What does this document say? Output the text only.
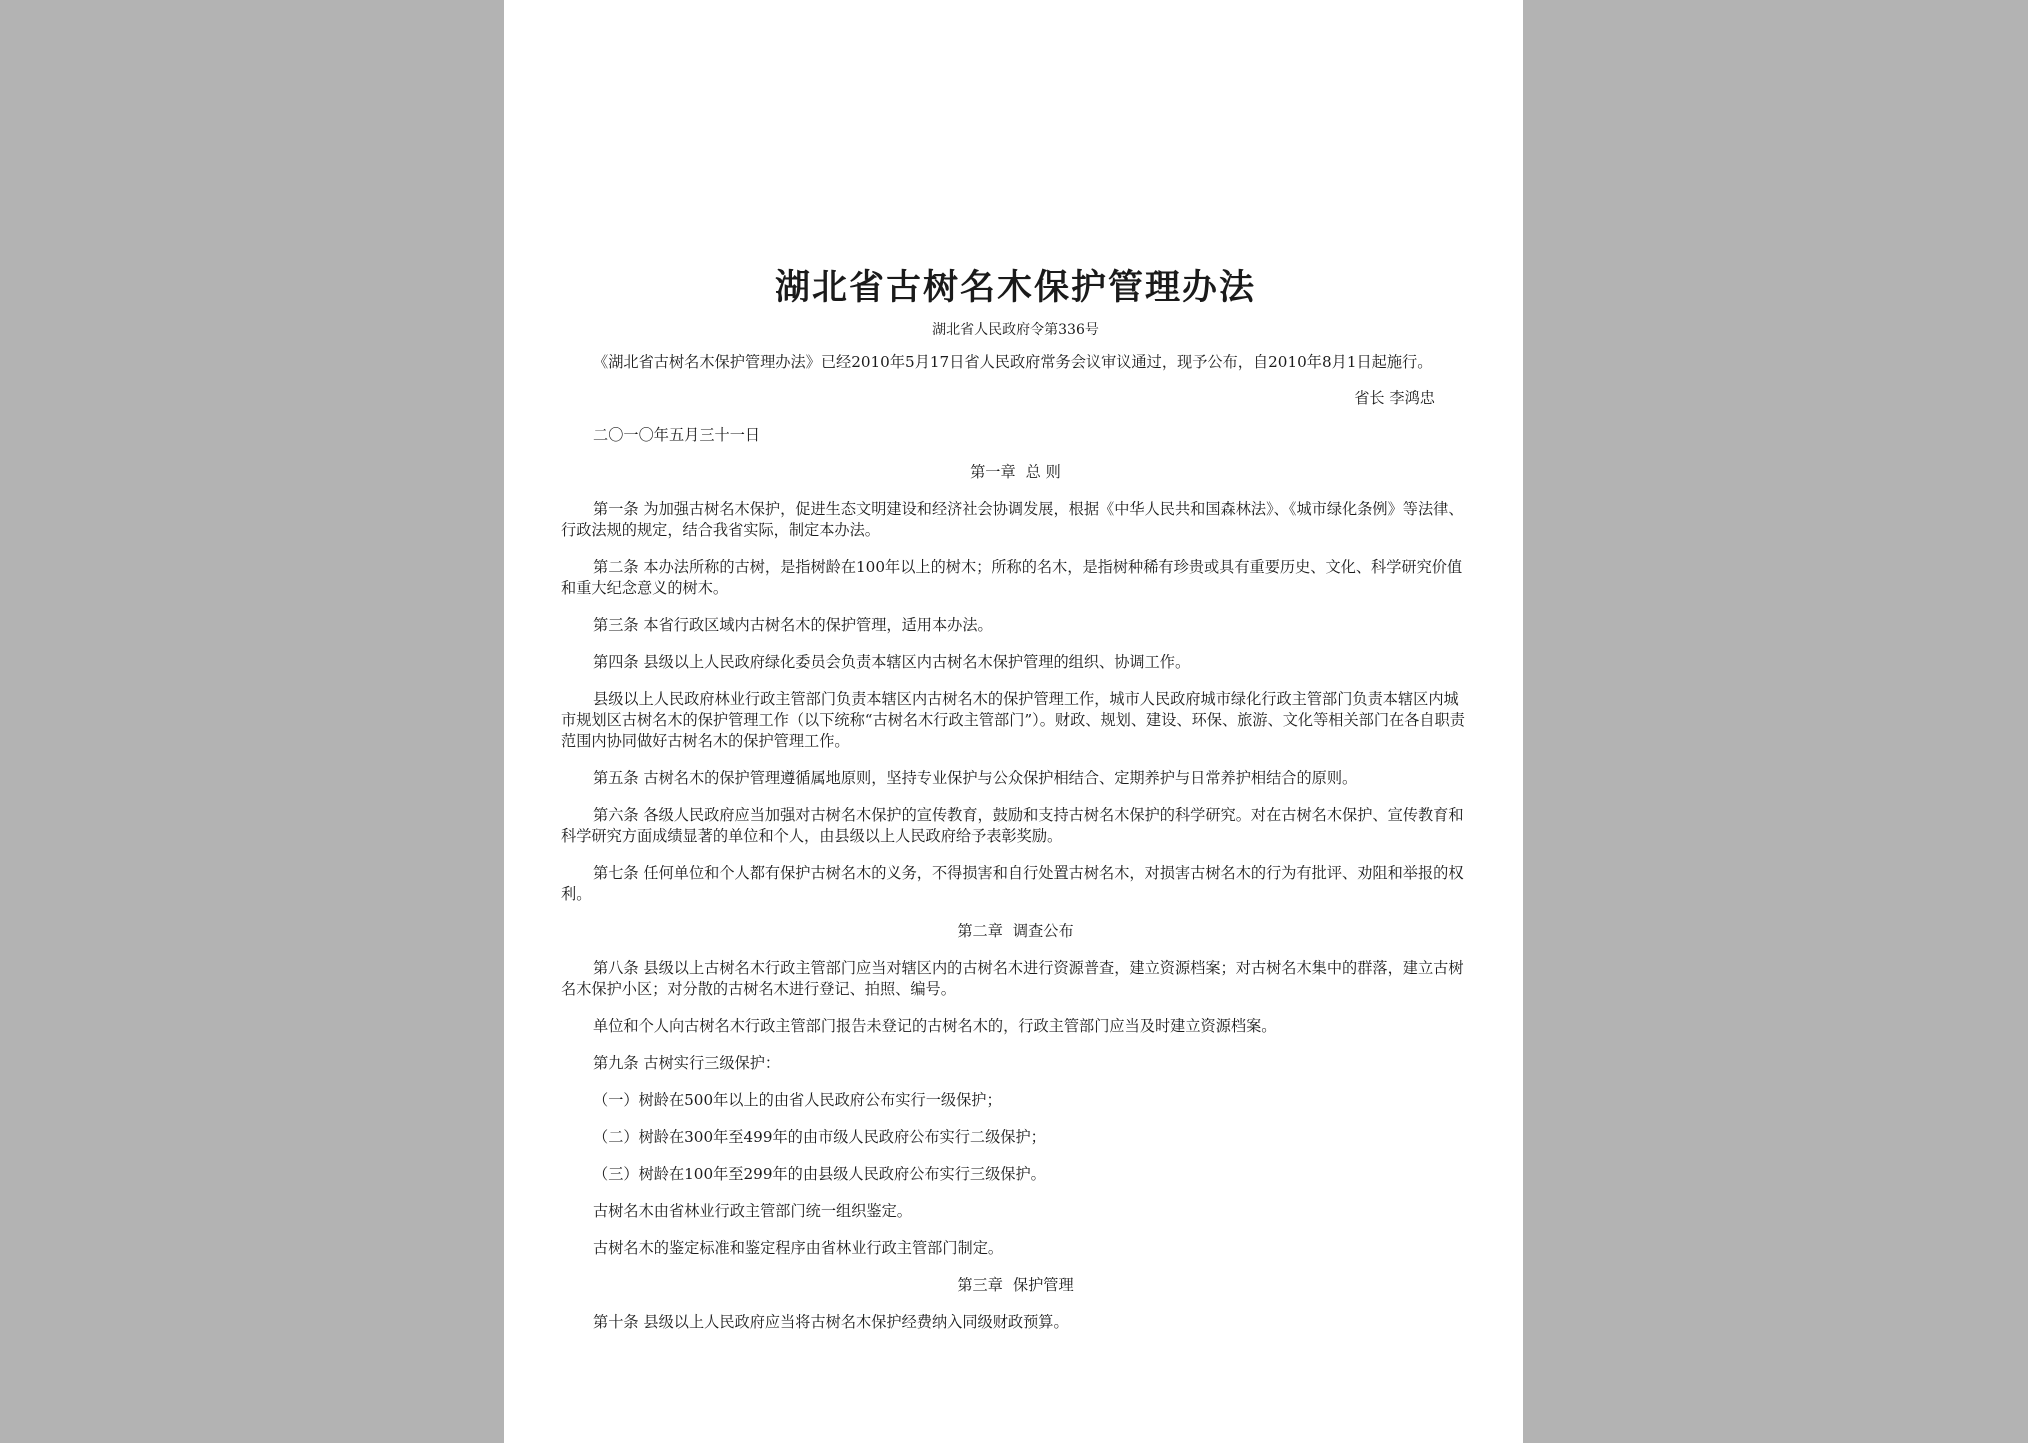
湖北省古树名木保护管理办法
湖北省人民政府令第336号

《湖北省古树名木保护管理办法》已经2010年5月17日省人民政府常务会议审议通过，现予公布，自2010年8月1日起施行。

省长 李鸿忠

二〇一〇年五月三十一日

第一章 总 则

第一条 为加强古树名木保护，促进生态文明建设和经济社会协调发展，根据《中华人民共和国森林法》、《城市绿化条例》等法律、行政法规的规定，结合我省实际，制定本办法。

第二条 本办法所称的古树，是指树龄在100年以上的树木；所称的名木，是指树种稀有珍贵或具有重要历史、文化、科学研究价值和重大纪念意义的树木。

第三条 本省行政区域内古树名木的保护管理，适用本办法。

第四条 县级以上人民政府绿化委员会负责本辖区内古树名木保护管理的组织、协调工作。

县级以上人民政府林业行政主管部门负责本辖区内古树名木的保护管理工作，城市人民政府城市绿化行政主管部门负责本辖区内城市规划区古树名木的保护管理工作（以下统称“古树名木行政主管部门”）。财政、规划、建设、环保、旅游、文化等相关部门在各自职责范围内协同做好古树名木的保护管理工作。

第五条 古树名木的保护管理遵循属地原则，坚持专业保护与公众保护相结合、定期养护与日常养护相结合的原则。

第六条 各级人民政府应当加强对古树名木保护的宣传教育，鼓励和支持古树名木保护的科学研究。对在古树名木保护、宣传教育和科学研究方面成绩显著的单位和个人，由县级以上人民政府给予表彰奖励。

第七条 任何单位和个人都有保护古树名木的义务，不得损害和自行处置古树名木，对损害古树名木的行为有批评、劝阻和举报的权利。

第二章 调查公布

第八条 县级以上古树名木行政主管部门应当对辖区内的古树名木进行资源普查，建立资源档案；对古树名木集中的群落，建立古树名木保护小区；对分散的古树名木进行登记、拍照、编号。

单位和个人向古树名木行政主管部门报告未登记的古树名木的，行政主管部门应当及时建立资源档案。

第九条 古树实行三级保护：

（一）树龄在500年以上的由省人民政府公布实行一级保护；

（二）树龄在300年至499年的由市级人民政府公布实行二级保护；

（三）树龄在100年至299年的由县级人民政府公布实行三级保护。

古树名木由省林业行政主管部门统一组织鉴定。

古树名木的鉴定标准和鉴定程序由省林业行政主管部门制定。

第三章 保护管理

第十条 县级以上人民政府应当将古树名木保护经费纳入同级财政预算。
